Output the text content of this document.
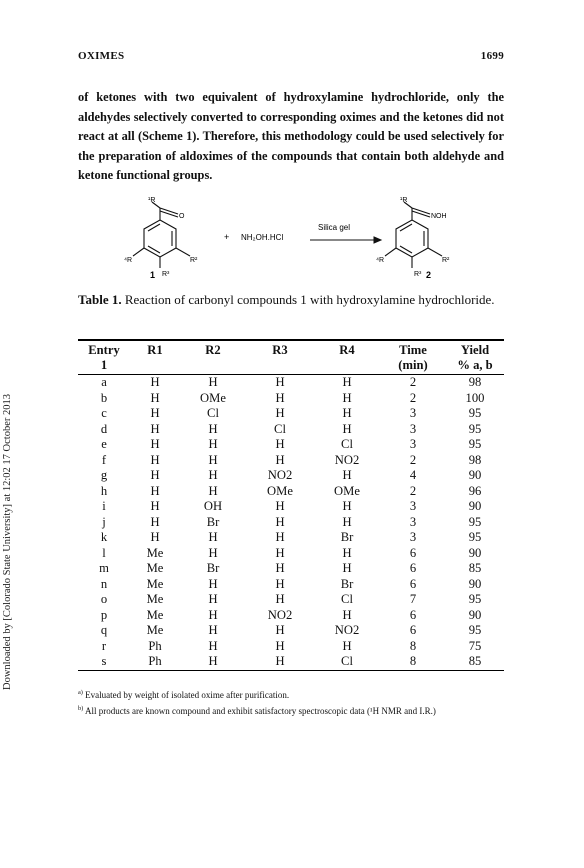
Downloaded by [Colorado State University] at 12:02 17 October 2013
OXIMES	1699
of ketones with two equivalent of hydroxylamine hydrochloride, only the aldehydes selectively converted to corresponding oximes and the ketones did not react at all (Scheme 1). Therefore, this methodology could be used selectively for the preparation of aldoximes of the compounds that contain both aldehyde and ketone functional groups.
¹R
O
R²
R³
⁴R
1
+ NH₂OH.HCl
Silica gel
¹R
NOH
R²
R³
⁴R
2
Table 1. Reaction of carbonyl compounds 1 with hydroxylamine hydrochloride.
Entry	R1	R2	R3	R4	Time	Yield
1					(min)	% a, b
a	H	H	H	H	2	98
b	H	OMe	H	H	2	100
c	H	Cl	H	H	3	95
d	H	H	Cl	H	3	95
e	H	H	H	Cl	3	95
f	H	H	H	NO2	2	98
g	H	H	NO2	H	4	90
h	H	H	OMe	OMe	2	96
i	H	OH	H	H	3	90
j	H	Br	H	H	3	95
k	H	H	H	Br	3	95
l	Me	H	H	H	6	90
m	Me	Br	H	H	6	85
n	Me	H	H	Br	6	90
o	Me	H	H	Cl	7	95
p	Me	H	NO2	H	6	90
q	Me	H	H	NO2	6	95
r	Ph	H	H	H	8	75
s	Ph	H	H	Cl	8	85

$^{a)}$ Evaluated by weight of isolated oxime after purification.

$^{b)}$ All products are known compound and exhibit satisfactory spectroscopic data (¹H NMR and I.R.)
